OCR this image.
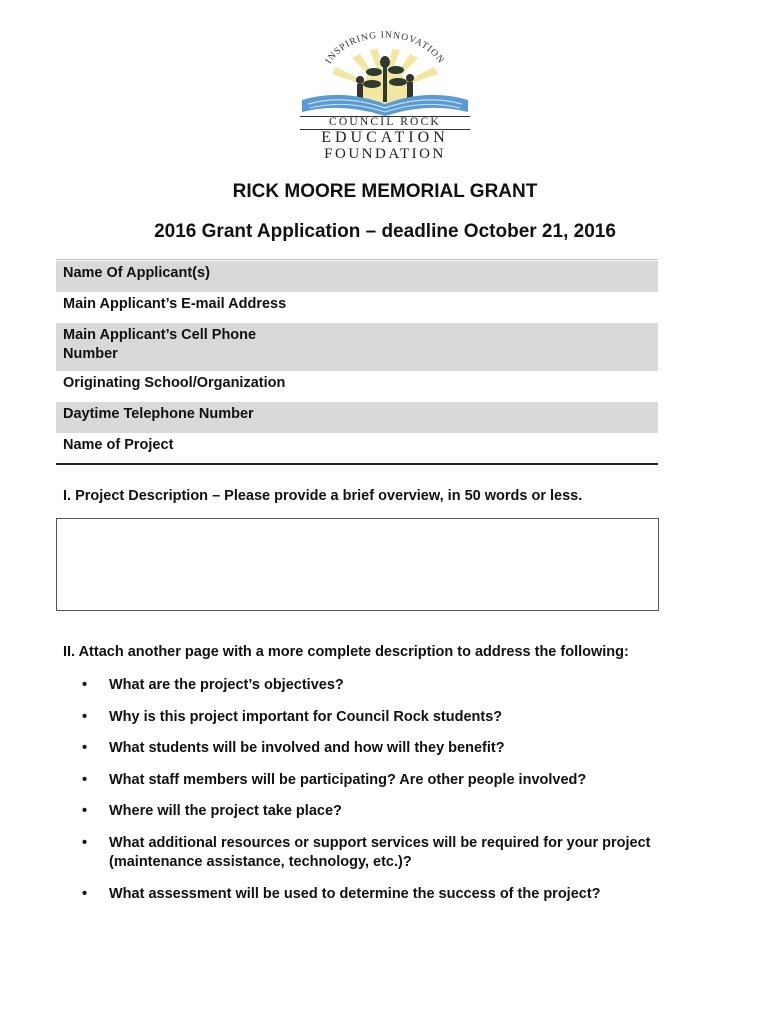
INSPIRING INNOVATION
COUNCIL ROCK
EDUCATION
FOUNDATION
RICK MOORE MEMORIAL GRANT
2016 Grant Application – deadline October 21, 2016
Name Of Applicant(s)
Main Applicant’s E-mail Address
Main Applicant’s Cell Phone Number
Originating School/Organization
Daytime Telephone Number
Name of Project
I. Project Description – Please provide a brief overview, in 50 words or less.
II. Attach another page with a more complete description to address the following:
• What are the project’s objectives?
• Why is this project important for Council Rock students?
• What students will be involved and how will they benefit?
• What staff members will be participating? Are other people involved?
• Where will the project take place?
• What additional resources or support services will be required for your project (maintenance assistance, technology, etc.)?
• What assessment will be used to determine the success of the project?
